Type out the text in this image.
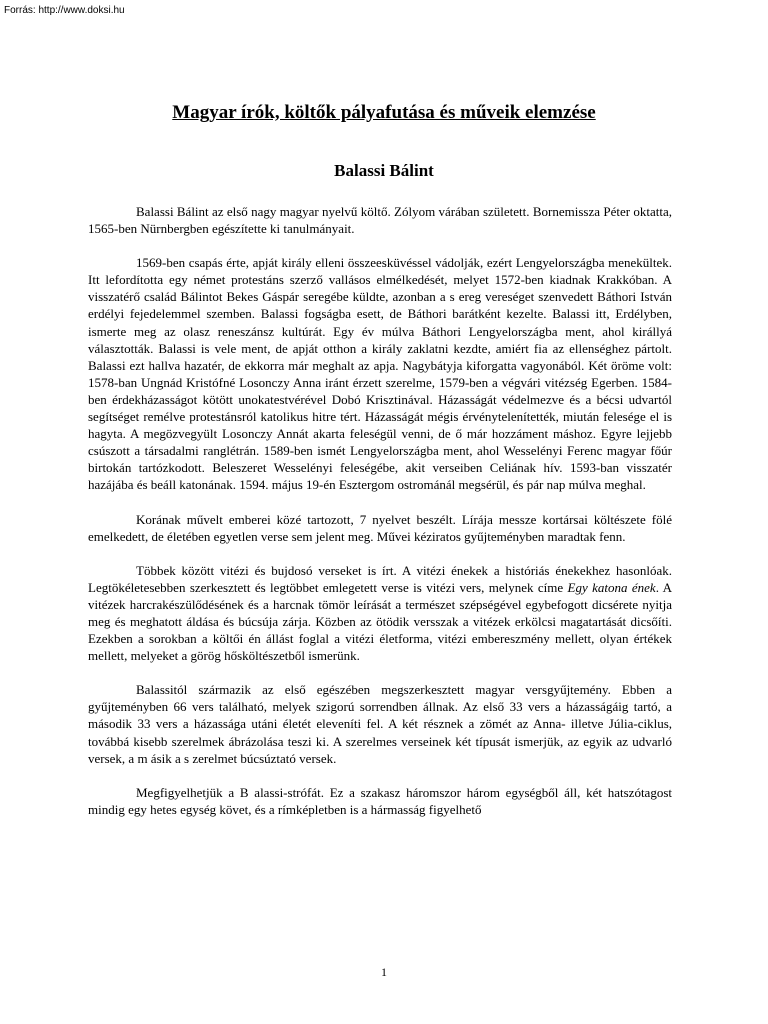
Forrás: http://www.doksi.hu
Magyar írók, költők pályafutása és műveik elemzése
Balassi Bálint

Balassi Bálint az első nagy magyar nyelvű költő. Zólyom várában született. Bornemissza Péter oktatta, 1565-ben Nürnbergben egészítette ki tanulmányait.

1569-ben csapás érte, apját király elleni összeesküvéssel vádolják, ezért Lengyelországba menekültek. Itt lefordította egy német protestáns szerző vallásos elmélkedését, melyet 1572-ben kiadnak Krakkóban. A visszatérő család Bálintot Bekes Gáspár seregébe küldte, azonban a s ereg vereséget szenvedett Báthori István erdélyi fejedelemmel szemben. Balassi fogságba esett, de Báthori barátként kezelte. Balassi itt, Erdélyben, ismerte meg az olasz reneszánsz kultúrát. Egy év múlva Báthori Lengyelországba ment, ahol királlyá választották. Balassi is vele ment, de apját otthon a király zaklatni kezdte, amiért fia az ellenséghez pártolt. Balassi ezt hallva hazatér, de ekkorra már meghalt az apja. Nagybátyja kiforgatta vagyonából. Két öröme volt: 1578-ban Ungnád Kristófné Losonczy Anna iránt érzett szerelme, 1579-ben a végvári vitézség Egerben. 1584-ben érdekházasságot kötött unokatestvérével Dobó Krisztinával. Házasságát védelmezve és a bécsi udvartól segítséget remélve protestánsról katolikus hitre tért. Házasságát mégis érvénytelenítették, miután felesége el is hagyta. A megözvegyült Losonczy Annát akarta feleségül venni, de ő már hozzáment máshoz. Egyre lejjebb csúszott a társadalmi ranglétrán. 1589-ben ismét Lengyelországba ment, ahol Wesselényi Ferenc magyar főúr birtokán tartózkodott. Beleszeret Wesselényi feleségébe, akit verseiben Celiának hív. 1593-ban visszatér hazájába és beáll katonának. 1594. május 19-én Esztergom ostrománál megsérül, és pár nap múlva meghal.

Korának művelt emberei közé tartozott, 7 nyelvet beszélt. Lírája messze kortársai költészete fölé emelkedett, de életében egyetlen verse sem jelent meg. Művei kéziratos gyűjteményben maradtak fenn.

Többek között vitézi és bujdosó verseket is írt. A vitézi énekek a históriás énekekhez hasonlóak. Legtökéletesebben szerkesztett és legtöbbet emlegetett verse is vitézi vers, melynek címe Egy katona ének. A vitézek harcrakészülődésének és a harcnak tömör leírását a természet szépségével egybefogott dicsérete nyitja meg és meghatott áldása és búcsúja zárja. Közben az ötödik versszak a vitézek erkölcsi magatartását dicsőíti. Ezekben a sorokban a költői én állást foglal a vitézi életforma, vitézi embereszmény mellett, olyan értékek mellett, melyeket a görög hősköltészetből ismerünk.

Balassitól származik az első egészében megszerkesztett magyar versgyűjtemény. Ebben a gyűjteményben 66 vers található, melyek szigorú sorrendben állnak. Az első 33 vers a házasságáig tartó, a második 33 vers a házassága utáni életét eleveníti fel. A két résznek a zömét az Anna- illetve Júlia-ciklus, továbbá kisebb szerelmek ábrázolása teszi ki. A szerelmes verseinek két típusát ismerjük, az egyik az udvarló versek, a m ásik a s zerelmet búcsúztató versek.

Megfigyelhetjük a B alassi-strófát. Ez a szakasz háromszor három egységből áll, két hatszótagost mindig egy hetes egység követ, és a rímképletben is a hármasság figyelhető

1
